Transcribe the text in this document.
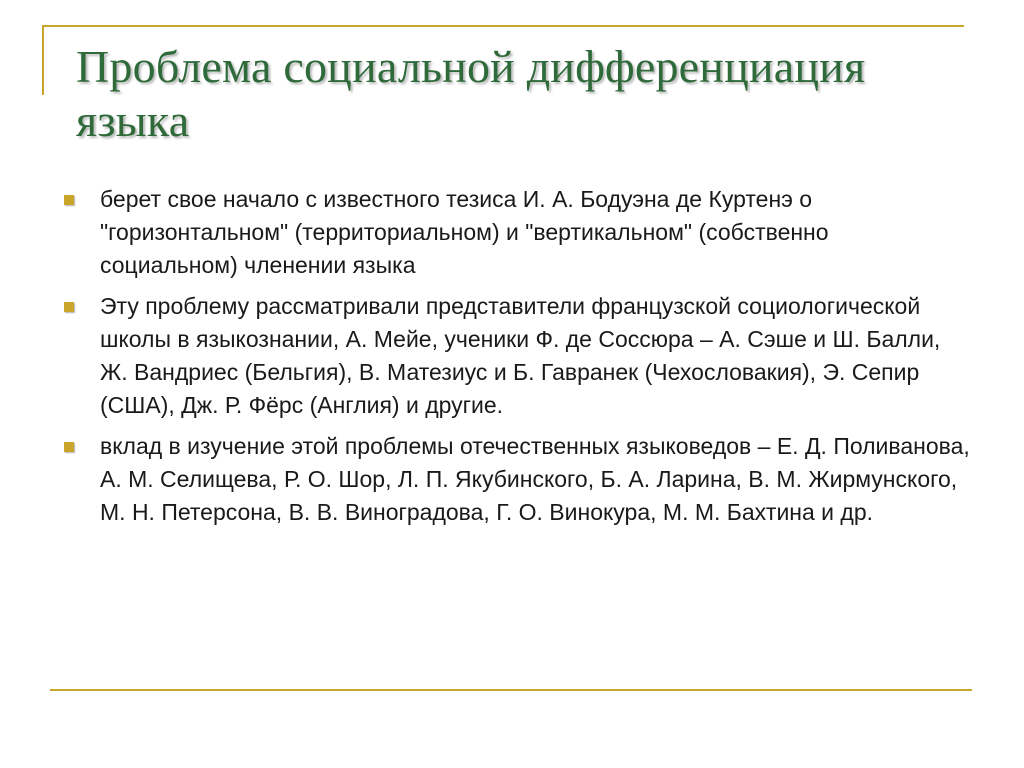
Проблема социальной дифференциация языка
берет свое начало с известного тезиса И. А. Бодуэна де Куртенэ о "горизонтальном" (территориальном) и "вертикальном" (собственно социальном) членении языка
Эту проблему рассматривали представители французской социологической школы в языкознании, А. Мейе, ученики Ф. де Соссюра – А. Сэше и Ш. Балли, Ж. Вандриес (Бельгия), В. Матезиус и Б. Гавранек (Чехословакия), Э. Сепир (США), Дж. Р. Фёрс (Англия) и другие.
вклад в изучение этой проблемы отечественных языковедов – Е. Д. Поливанова, А. М. Селищева, Р. О. Шор, Л. П. Якубинского, Б. А. Ларина, В. М. Жирмунского, М. Н. Петерсона, В. В. Виноградова, Г. О. Винокура, М. М. Бахтина и др.
